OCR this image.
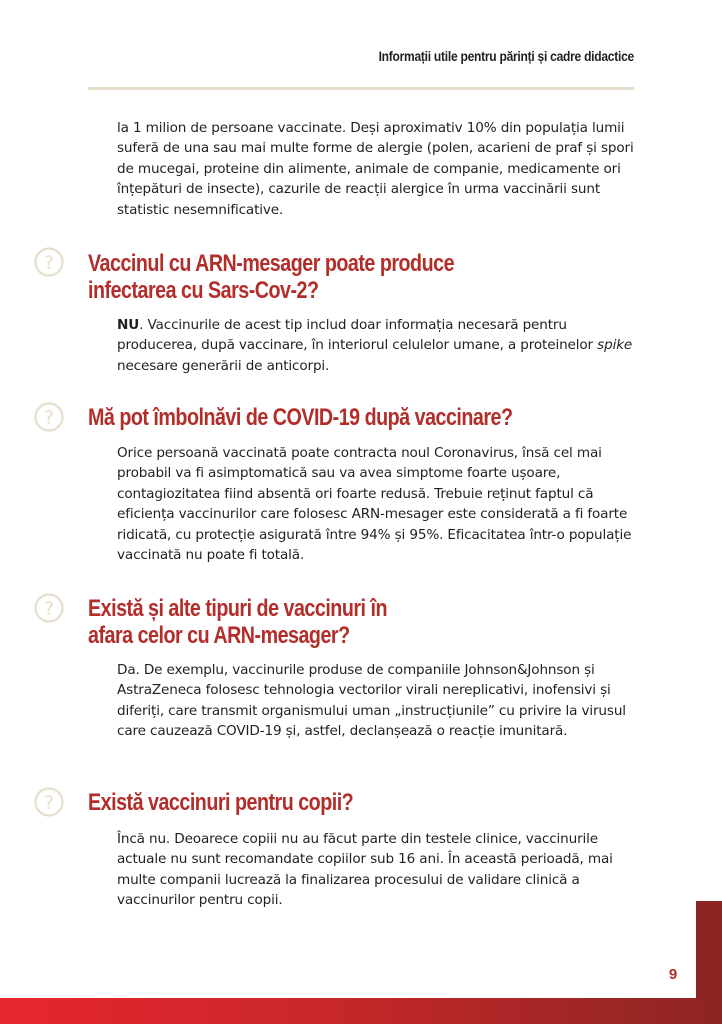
Informații utile pentru părinți și cadre didactice
la 1 milion de persoane vaccinate. Deși aproximativ 10% din populația lumii suferă de una sau mai multe forme de alergie (polen, acarieni de praf și spori de mucegai, proteine din alimente, animale de companie, medicamente ori înțepături de insecte), cazurile de reacții alergice în urma vaccinării sunt statistic nesemnificative.
? Vaccinul cu ARN-mesager poate produce
infectarea cu Sars-Cov-2?
NU. Vaccinurile de acest tip includ doar informația necesară pentru producerea, după vaccinare, în interiorul celulelor umane, a proteinelor spike necesare generării de anticorpi.
? Mă pot îmbolnăvi de COVID-19 după vaccinare?
Orice persoană vaccinată poate contracta noul Coronavirus, însă cel mai probabil va fi asimptomatică sau va avea simptome foarte ușoare, contagiozitatea fiind absentă ori foarte redusă. Trebuie reținut faptul că eficiența vaccinurilor care folosesc ARN-mesager este considerată a fi foarte ridicată, cu protecție asigurată între 94% și 95%. Eficacitatea într-o populație vaccinată nu poate fi totală.
? Există și alte tipuri de vaccinuri în
afara celor cu ARN-mesager?
Da. De exemplu, vaccinurile produse de companiile Johnson&Johnson și AstraZeneca folosesc tehnologia vectorilor virali nereplicativi, inofensivi și diferiți, care transmit organismului uman „instrucțiunile” cu privire la virusul care cauzează COVID-19 și, astfel, declanșează o reacție imunitară.
? Există vaccinuri pentru copii?
Încă nu. Deoarece copiii nu au făcut parte din testele clinice, vaccinurile actuale nu sunt recomandate copiilor sub 16 ani. În această perioadă, mai multe companii lucrează la finalizarea procesului de validare clinică a vaccinurilor pentru copii.
9
